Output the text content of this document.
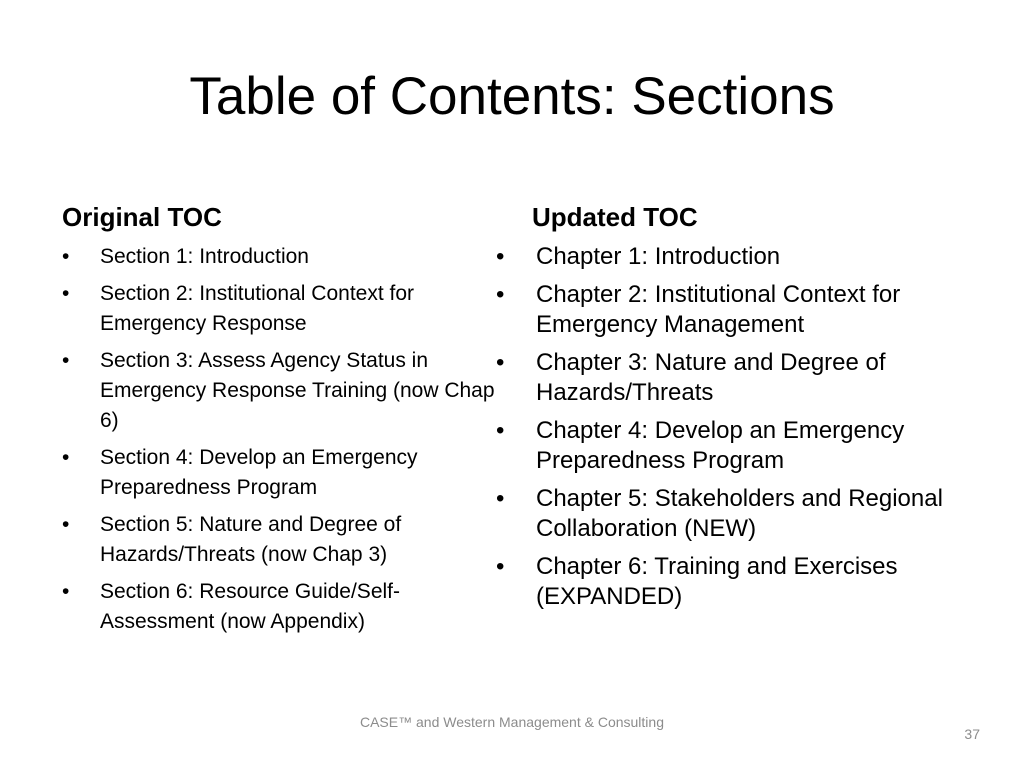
Table of Contents: Sections
Original TOC
• Section 1: Introduction
• Section 2: Institutional Context for Emergency Response
• Section 3: Assess Agency Status in Emergency Response Training (now Chap 6)
• Section 4: Develop an Emergency Preparedness Program
• Section 5: Nature and Degree of Hazards/Threats (now Chap 3)
• Section 6: Resource Guide/Self-Assessment (now Appendix)
Updated TOC
• Chapter 1: Introduction
• Chapter 2: Institutional Context for Emergency Management
• Chapter 3: Nature and Degree of Hazards/Threats
• Chapter 4: Develop an Emergency Preparedness Program
• Chapter 5: Stakeholders and Regional Collaboration (NEW)
• Chapter 6: Training and Exercises (EXPANDED)
CASE™ and Western Management & Consulting
37
